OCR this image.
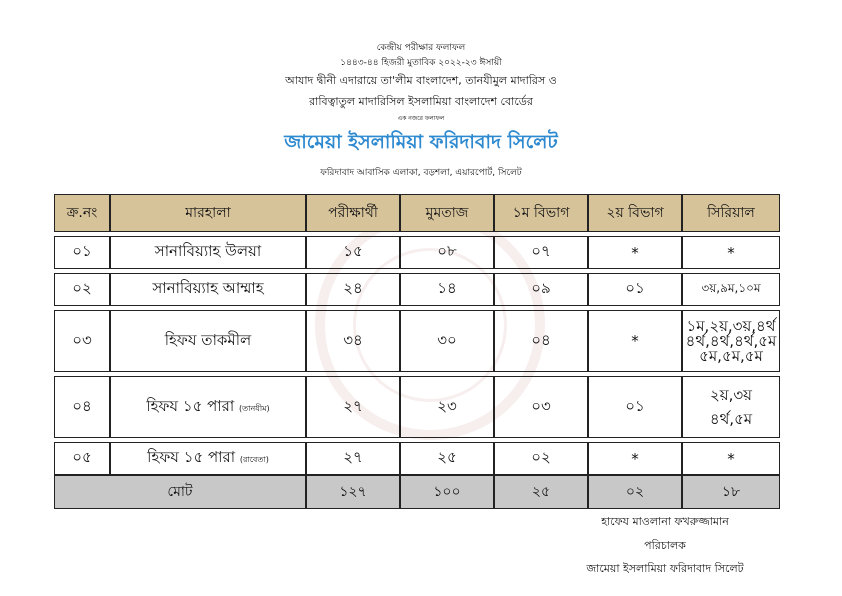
কেন্দ্রীয় পরীক্ষার ফলাফল
১৪৪৩-৪৪ হিজরী মুতাবিক ২০২২-২৩ ঈসায়ী
আযাদ দ্বীনী এদারায়ে তা'লীম বাংলাদেশ, তানযীমুল মাদারিস ও
রাবিত্বাতুল মাদারিসিল ইসলামিয়া বাংলাদেশ বোর্ডের
এক নজরে ফলাফল
জামেয়া ইসলামিয়া ফরিদাবাদ সিলেট
ফরিদাবাদ আবাসিক এলাকা, বড়শলা, এয়ারপোর্ট, সিলেট
ক্র.নং	মারহালা	পরীক্ষার্থী	মুমতাজ	১ম বিভাগ	২য় বিভাগ	সিরিয়াল

০১	সানাবিয়্যাহ উলয়া	১৫	০৮	০৭	*	*

০২	সানাবিয়্যাহ আম্মাহ	২৪	১৪	০৯	০১	৩য়,৯ম,১০ম

০৩	হিফয তাকমীল	৩৪	৩০	০৪	*	১ম,২য়,৩য়,৪র্থ
৪র্থ,৪র্থ,৪র্থ,৫ম
৫ম,৫ম,৫ম

০৪	হিফয ১৫ পারা (তানযীম)	২৭	২৩	০৩	০১	২য়,৩য়
৪র্থ,৫ম

০৫	হিফয ১৫ পারা (রাবেতা)	২৭	২৫	০২	*	*
মোট		১২৭	১০০	২৫	০২	১৮
হাফেয মাওলানা ফখরুজ্জামান
পরিচালক
জামেয়া ইসলামিয়া ফরিদাবাদ সিলেট
